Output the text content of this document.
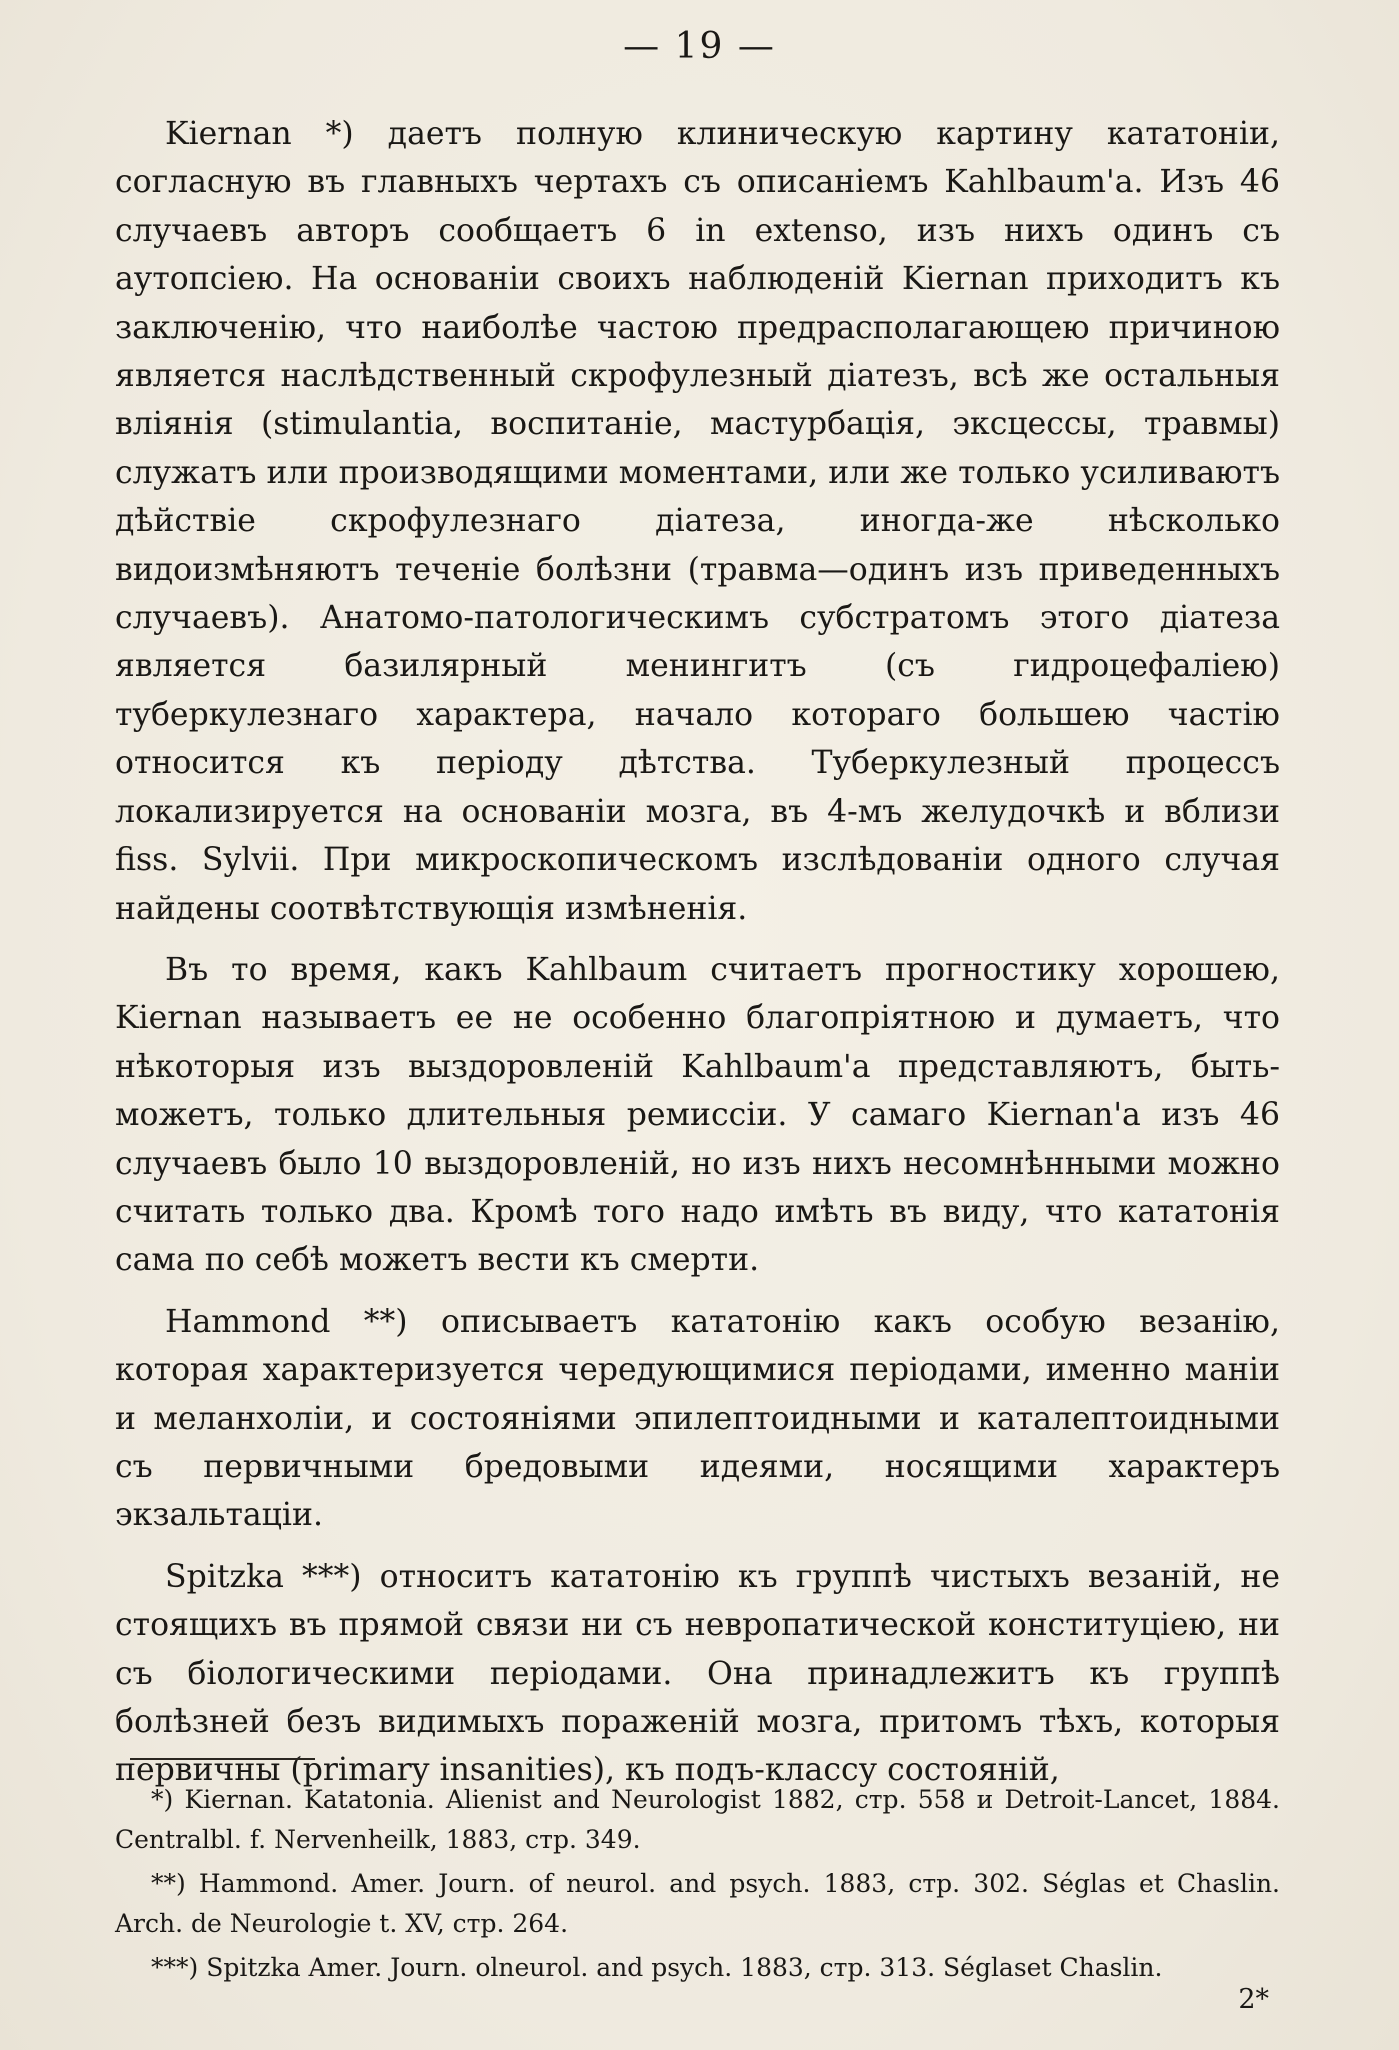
— 19 —

Kiernan *) даетъ полную клиническую картину кататоніи, согласную въ главныхъ чертахъ съ описаніемъ Kahlbaum'a. Изъ 46 случаевъ авторъ сообщаетъ 6 in extenso, изъ нихъ одинъ съ аутопсіею. На основаніи своихъ наблюденій Kiernan приходитъ къ заключенію, что наиболѣе частою предрасполагающею причиною является наслѣдственный скрофулезный діатезъ, всѣ же остальныя вліянія (stimulantia, воспитаніе, мастурбація, эксцессы, травмы) служатъ или производящими моментами, или же только усиливаютъ дѣйствіе скрофулезнаго діатеза, иногда-же нѣсколько видоизмѣняютъ теченіе болѣзни (травма—одинъ изъ приведенныхъ случаевъ). Анатомо-патологическимъ субстратомъ этого діатеза является базилярный менингитъ (съ гидроцефаліею) туберкулезнаго характера, начало котораго большею частію относится къ періоду дѣтства. Туберкулезный процессъ локализируется на основаніи мозга, въ 4-мъ желудочкѣ и вблизи fiss. Sylvii. При микроскопическомъ изслѣдованіи одного случая найдены соотвѣтствующія измѣненія.

Въ то время, какъ Kahlbaum считаетъ прогностику хорошею, Kiernan называетъ ее не особенно благопріятною и думаетъ, что нѣкоторыя изъ выздоровленій Kahlbaum'a представляютъ, быть-можетъ, только длительныя ремиссіи. У самаго Kiernan'a изъ 46 случаевъ было 10 выздоровленій, но изъ нихъ несомнѣнными можно считать только два. Кромѣ того надо имѣть въ виду, что кататонія сама по себѣ можетъ вести къ смерти.

Hammond **) описываетъ кататонію какъ особую везанію, которая характеризуется чередующимися періодами, именно маніи и меланхоліи, и состояніями эпилептоидными и каталептоидными съ первичными бредовыми идеями, носящими характеръ экзальтаціи.

Spitzka ***) относитъ кататонію къ группѣ чистыхъ везаній, не стоящихъ въ прямой связи ни съ невропатической конституціею, ни съ біологическими періодами. Она принадлежитъ къ группѣ болѣзней безъ видимыхъ пораженій мозга, притомъ тѣхъ, которыя первичны (primary insanities), къ подъ-классу состояній,

*) Kiernan. Katatonia. Alienist and Neurologist 1882, стр. 558 и Detroit-Lancet, 1884. Centralbl. f. Nervenheilk, 1883, стр. 349.

**) Hammond. Amer. Journ. of neurol. and psych. 1883, стр. 302. Séglas et Chaslin. Arch. de Neurologie t. XV, стр. 264.

***) Spitzka Amer. Journ. olneurol. and psych. 1883, стр. 313. Séglaset Chaslin.

2*
